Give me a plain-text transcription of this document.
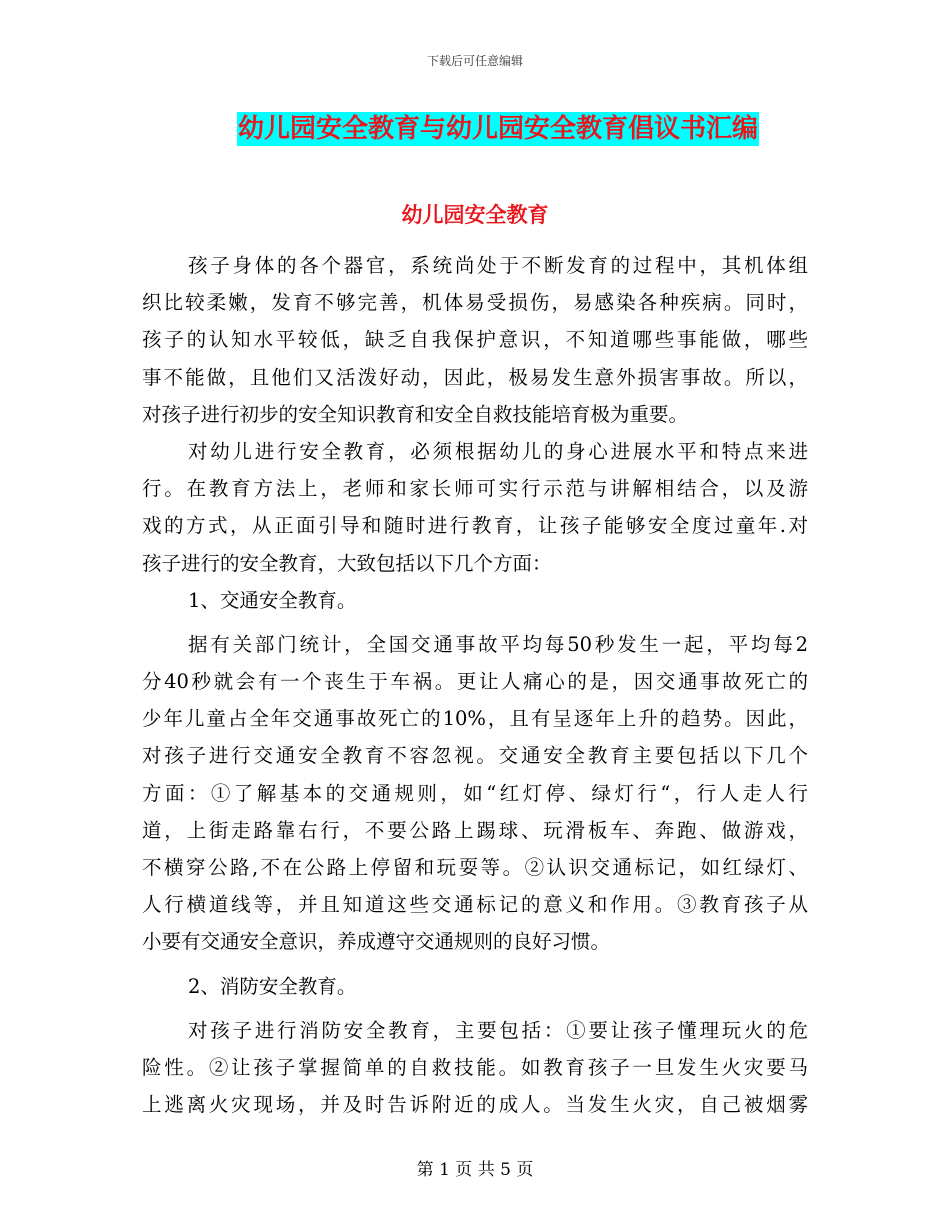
下载后可任意编辑
幼儿园安全教育与幼儿园安全教育倡议书汇编
幼儿园安全教育
孩子身体的各个器官，系统尚处于不断发育的过程中，其机体组
织比较柔嫩，发育不够完善，机体易受损伤，易感染各种疾病。同时，
孩子的认知水平较低，缺乏自我保护意识，不知道哪些事能做，哪些
事不能做，且他们又活泼好动，因此，极易发生意外损害事故。所以，
对孩子进行初步的安全知识教育和安全自救技能培育极为重要。
对幼儿进行安全教育，必须根据幼儿的身心进展水平和特点来进
行。在教育方法上，老师和家长师可实行示范与讲解相结合，以及游
戏的方式，从正面引导和随时进行教育，让孩子能够安全度过童年.对
孩子进行的安全教育，大致包括以下几个方面：
1、交通安全教育。
据有关部门统计，全国交通事故平均每50秒发生一起，平均每2
分40秒就会有一个丧生于车祸。更让人痛心的是，因交通事故死亡的
少年儿童占全年交通事故死亡的10%，且有呈逐年上升的趋势。因此，
对孩子进行交通安全教育不容忽视。交通安全教育主要包括以下几个
方面：①了解基本的交通规则，如“红灯停、绿灯行“，行人走人行
道，上街走路靠右行，不要公路上踢球、玩滑板车、奔跑、做游戏，
不横穿公路,不在公路上停留和玩耍等。②认识交通标记，如红绿灯、
人行横道线等，并且知道这些交通标记的意义和作用。③教育孩子从
小要有交通安全意识，养成遵守交通规则的良好习惯。
2、消防安全教育。
对孩子进行消防安全教育，主要包括：①要让孩子懂理玩火的危
险性。②让孩子掌握简单的自救技能。如教育孩子一旦发生火灾要马
上逃离火灾现场，并及时告诉附近的成人。当发生火灾，自己被烟雾
第 1 页 共 5 页
